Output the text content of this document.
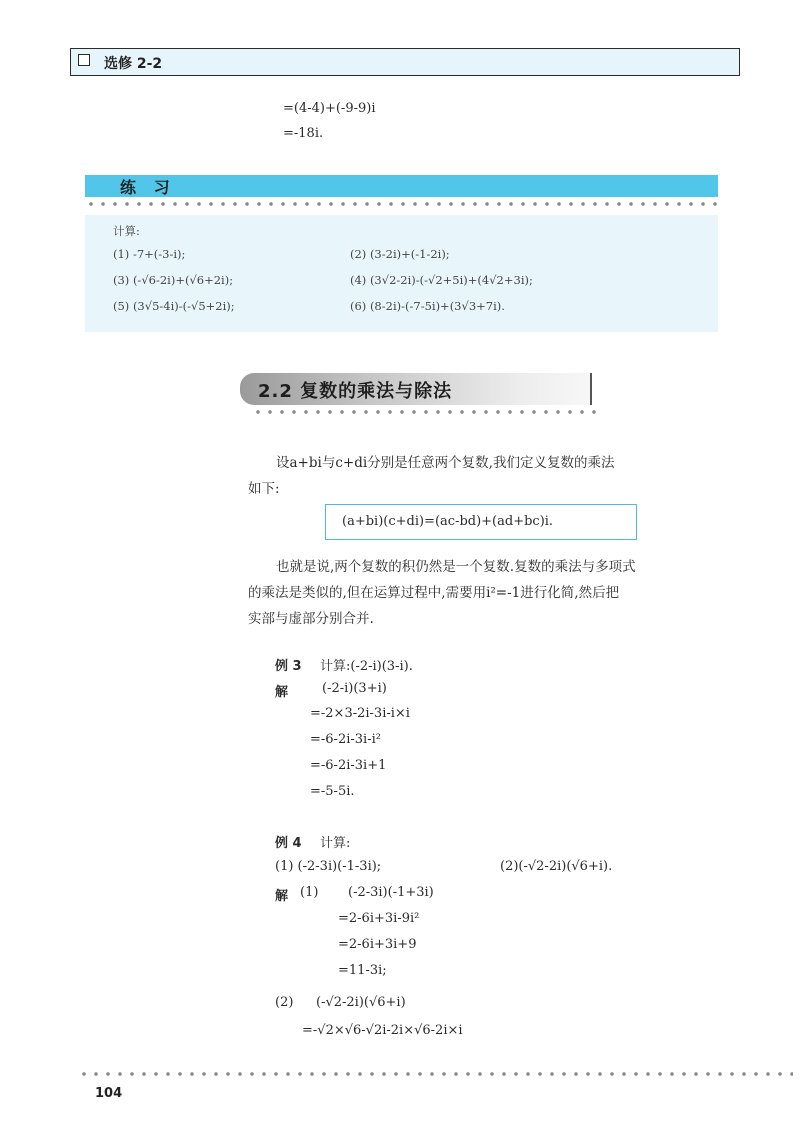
选修 2-2
=(4-4)+(-9-9)i
=-18i.
练 习
计算:
(1) -7+(-3-i);	(2) (3-2i)+(-1-2i);
(3) (-√6-2i)+(√6+2i);	(4) (3√2-2i)-(-√2+5i)+(4√2+3i);
(5) (3√5-4i)-(-√5+2i);	(6) (8-2i)-(-7-5i)+(3√3+7i).
2.2 复数的乘法与除法
设a+bi与c+di分别是任意两个复数,我们定义复数的乘法
如下:
(a+bi)(c+di)=(ac-bd)+(ad+bc)i.
也就是说,两个复数的积仍然是一个复数.复数的乘法与多项式
的乘法是类似的,但在运算过程中,需要用i²=-1进行化简,然后把
实部与虚部分别合并.
例 3 计算:(-2-i)(3-i).
解	(-2-i)(3+i)
=-2×3-2i-3i-i×i
=-6-2i-3i-i²
=-6-2i-3i+1
=-5-5i.
例 4 计算:
(1) (-2-3i)(-1-3i);	(2)(-√2-2i)(√6+i).
解 (1) (-2-3i)(-1+3i)
=2-6i+3i-9i²
=2-6i+3i+9
=11-3i;
(2) (-√2-2i)(√6+i)
=-√2×√6-√2i-2i×√6-2i×i
104
